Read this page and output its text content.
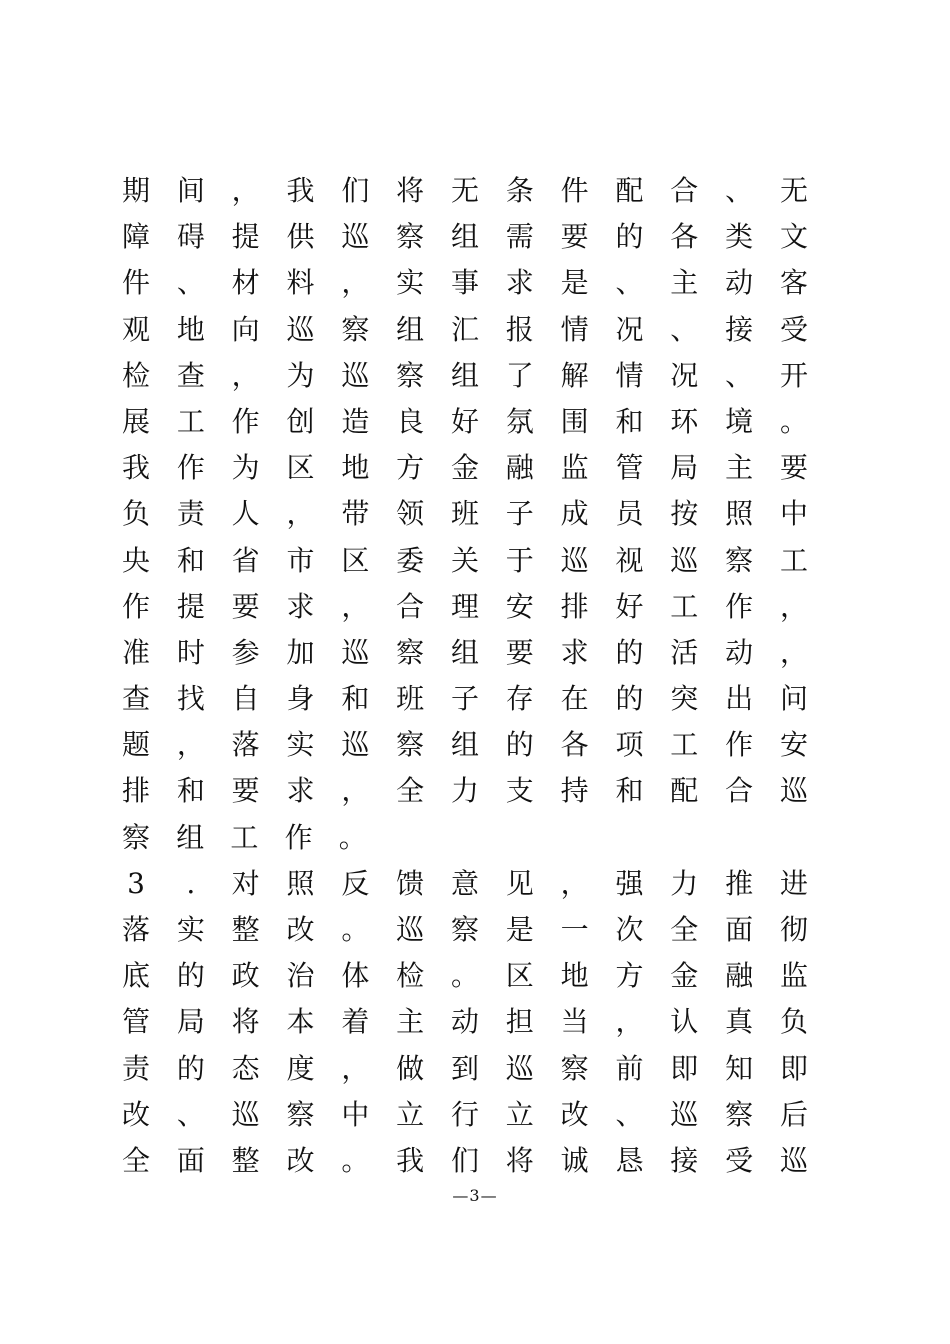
期 间 ， 我 们 将 无 条 件 配 合 、 无
障 碍 提 供 巡 察 组 需 要 的 各 类 文
件 、 材 料 ， 实 事 求 是 、 主 动 客
观 地 向 巡 察 组 汇 报 情 况 、 接 受
检 查 ， 为 巡 察 组 了 解 情 况 、 开
展 工 作 创 造 良 好 氛 围 和 环 境 。
我 作 为 区 地 方 金 融 监 管 局 主 要
负 责 人 ， 带 领 班 子 成 员 按 照 中
央 和 省 市 区 委 关 于 巡 视 巡 察 工
作 提 要 求 ， 合 理 安 排 好 工 作 ，
准 时 参 加 巡 察 组 要 求 的 活 动 ，
查 找 自 身 和 班 子 存 在 的 突 出 问
题 ， 落 实 巡 察 组 的 各 项 工 作 安
排 和 要 求 ， 全 力 支 持 和 配 合 巡
察 组 工 作 。
3	.	对 照 反 馈 意 见 ， 强 力 推 进
落 实 整 改 。 巡 察 是 一 次 全 面 彻
底 的 政 治 体 检 。 区 地 方 金 融 监
管 局 将 本 着 主 动 担 当 ， 认 真 负
责 的 态 度 ， 做 到 巡 察 前 即 知 即
改 、 巡 察 中 立 行 立 改 、 巡 察 后
全 面 整 改 。 我 们 将 诚 恳 接 受 巡
—3—
